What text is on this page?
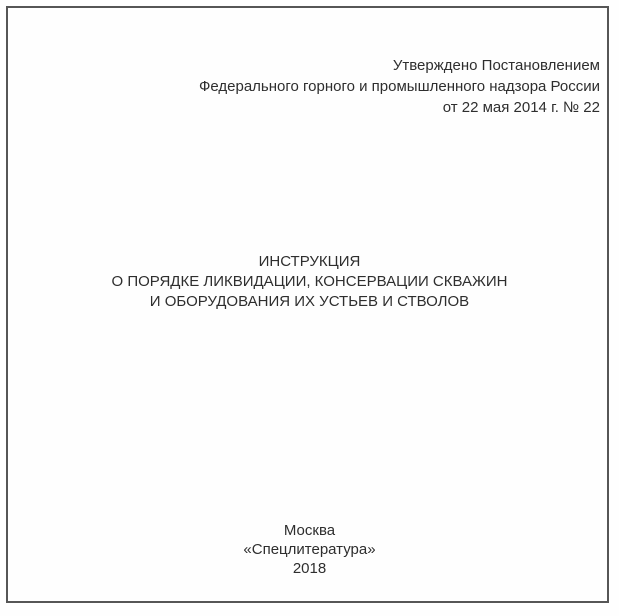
Утверждено Постановлением
Федерального горного и промышленного надзора России
от 22 мая 2014 г. № 22
ИНСТРУКЦИЯ
О ПОРЯДКЕ ЛИКВИДАЦИИ, КОНСЕРВАЦИИ СКВАЖИН
И ОБОРУДОВАНИЯ ИХ УСТЬЕВ И СТВОЛОВ
Москва
«Спецлитература»
2018
